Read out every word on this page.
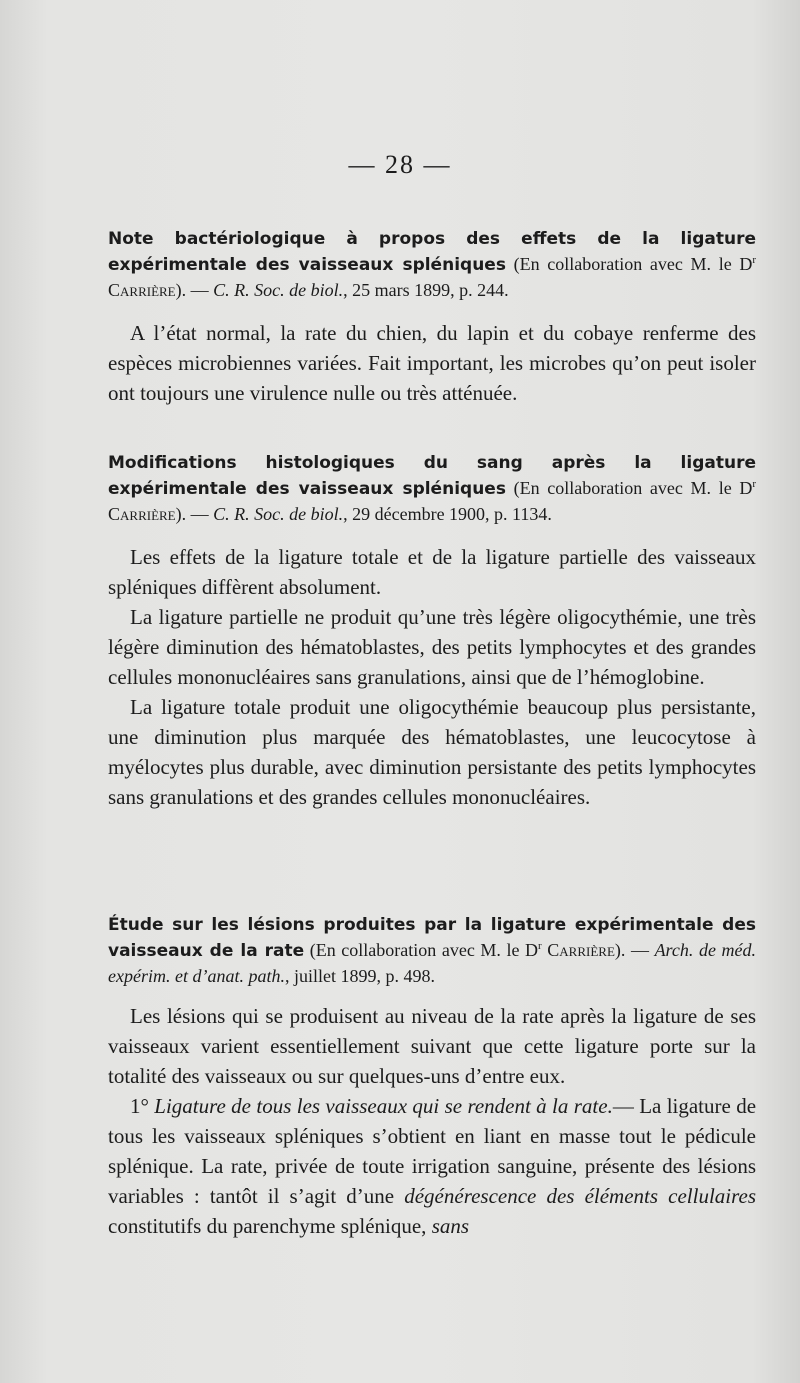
— 28 —
Note bactériologique à propos des effets de la ligature expérimentale des vaisseaux spléniques (En collaboration avec M. le $D^r$ Carrière). — C. R. Soc. de biol., 25 mars 1899, p. 244.

A l’état normal, la rate du chien, du lapin et du cobaye renferme des espèces microbiennes variées. Fait important, les microbes qu’on peut isoler ont toujours une virulence nulle ou très atténuée.

Modifications histologiques du sang après la ligature expérimentale des vaisseaux spléniques (En collaboration avec M. le $D^r$ Carrière). — C. R. Soc. de biol., 29 décembre 1900, p. 1134.

Les effets de la ligature totale et de la ligature partielle des vaisseaux spléniques diffèrent absolument.

La ligature partielle ne produit qu’une très légère oligocythémie, une très légère diminution des hématoblastes, des petits lymphocytes et des grandes cellules mononucléaires sans granulations, ainsi que de l’hémoglobine.

La ligature totale produit une oligocythémie beaucoup plus persistante, une diminution plus marquée des hématoblastes, une leucocytose à myélocytes plus durable, avec diminution persistante des petits lymphocytes sans granulations et des grandes cellules mononucléaires.

Étude sur les lésions produites par la ligature expérimentale des vaisseaux de la rate (En collaboration avec M. le $D^r$ Carrière). — Arch. de méd. expérim. et d’anat. path., juillet 1899, p. 498.

Les lésions qui se produisent au niveau de la rate après la ligature de ses vaisseaux varient essentiellement suivant que cette ligature porte sur la totalité des vaisseaux ou sur quelques-uns d’entre eux.

1° Ligature de tous les vaisseaux qui se rendent à la rate.— La ligature de tous les vaisseaux spléniques s’obtient en liant en masse tout le pédicule splénique. La rate, privée de toute irrigation sanguine, présente des lésions variables : tantôt il s’agit d’une dégénérescence des éléments cellulaires constitutifs du parenchyme splénique, sans
